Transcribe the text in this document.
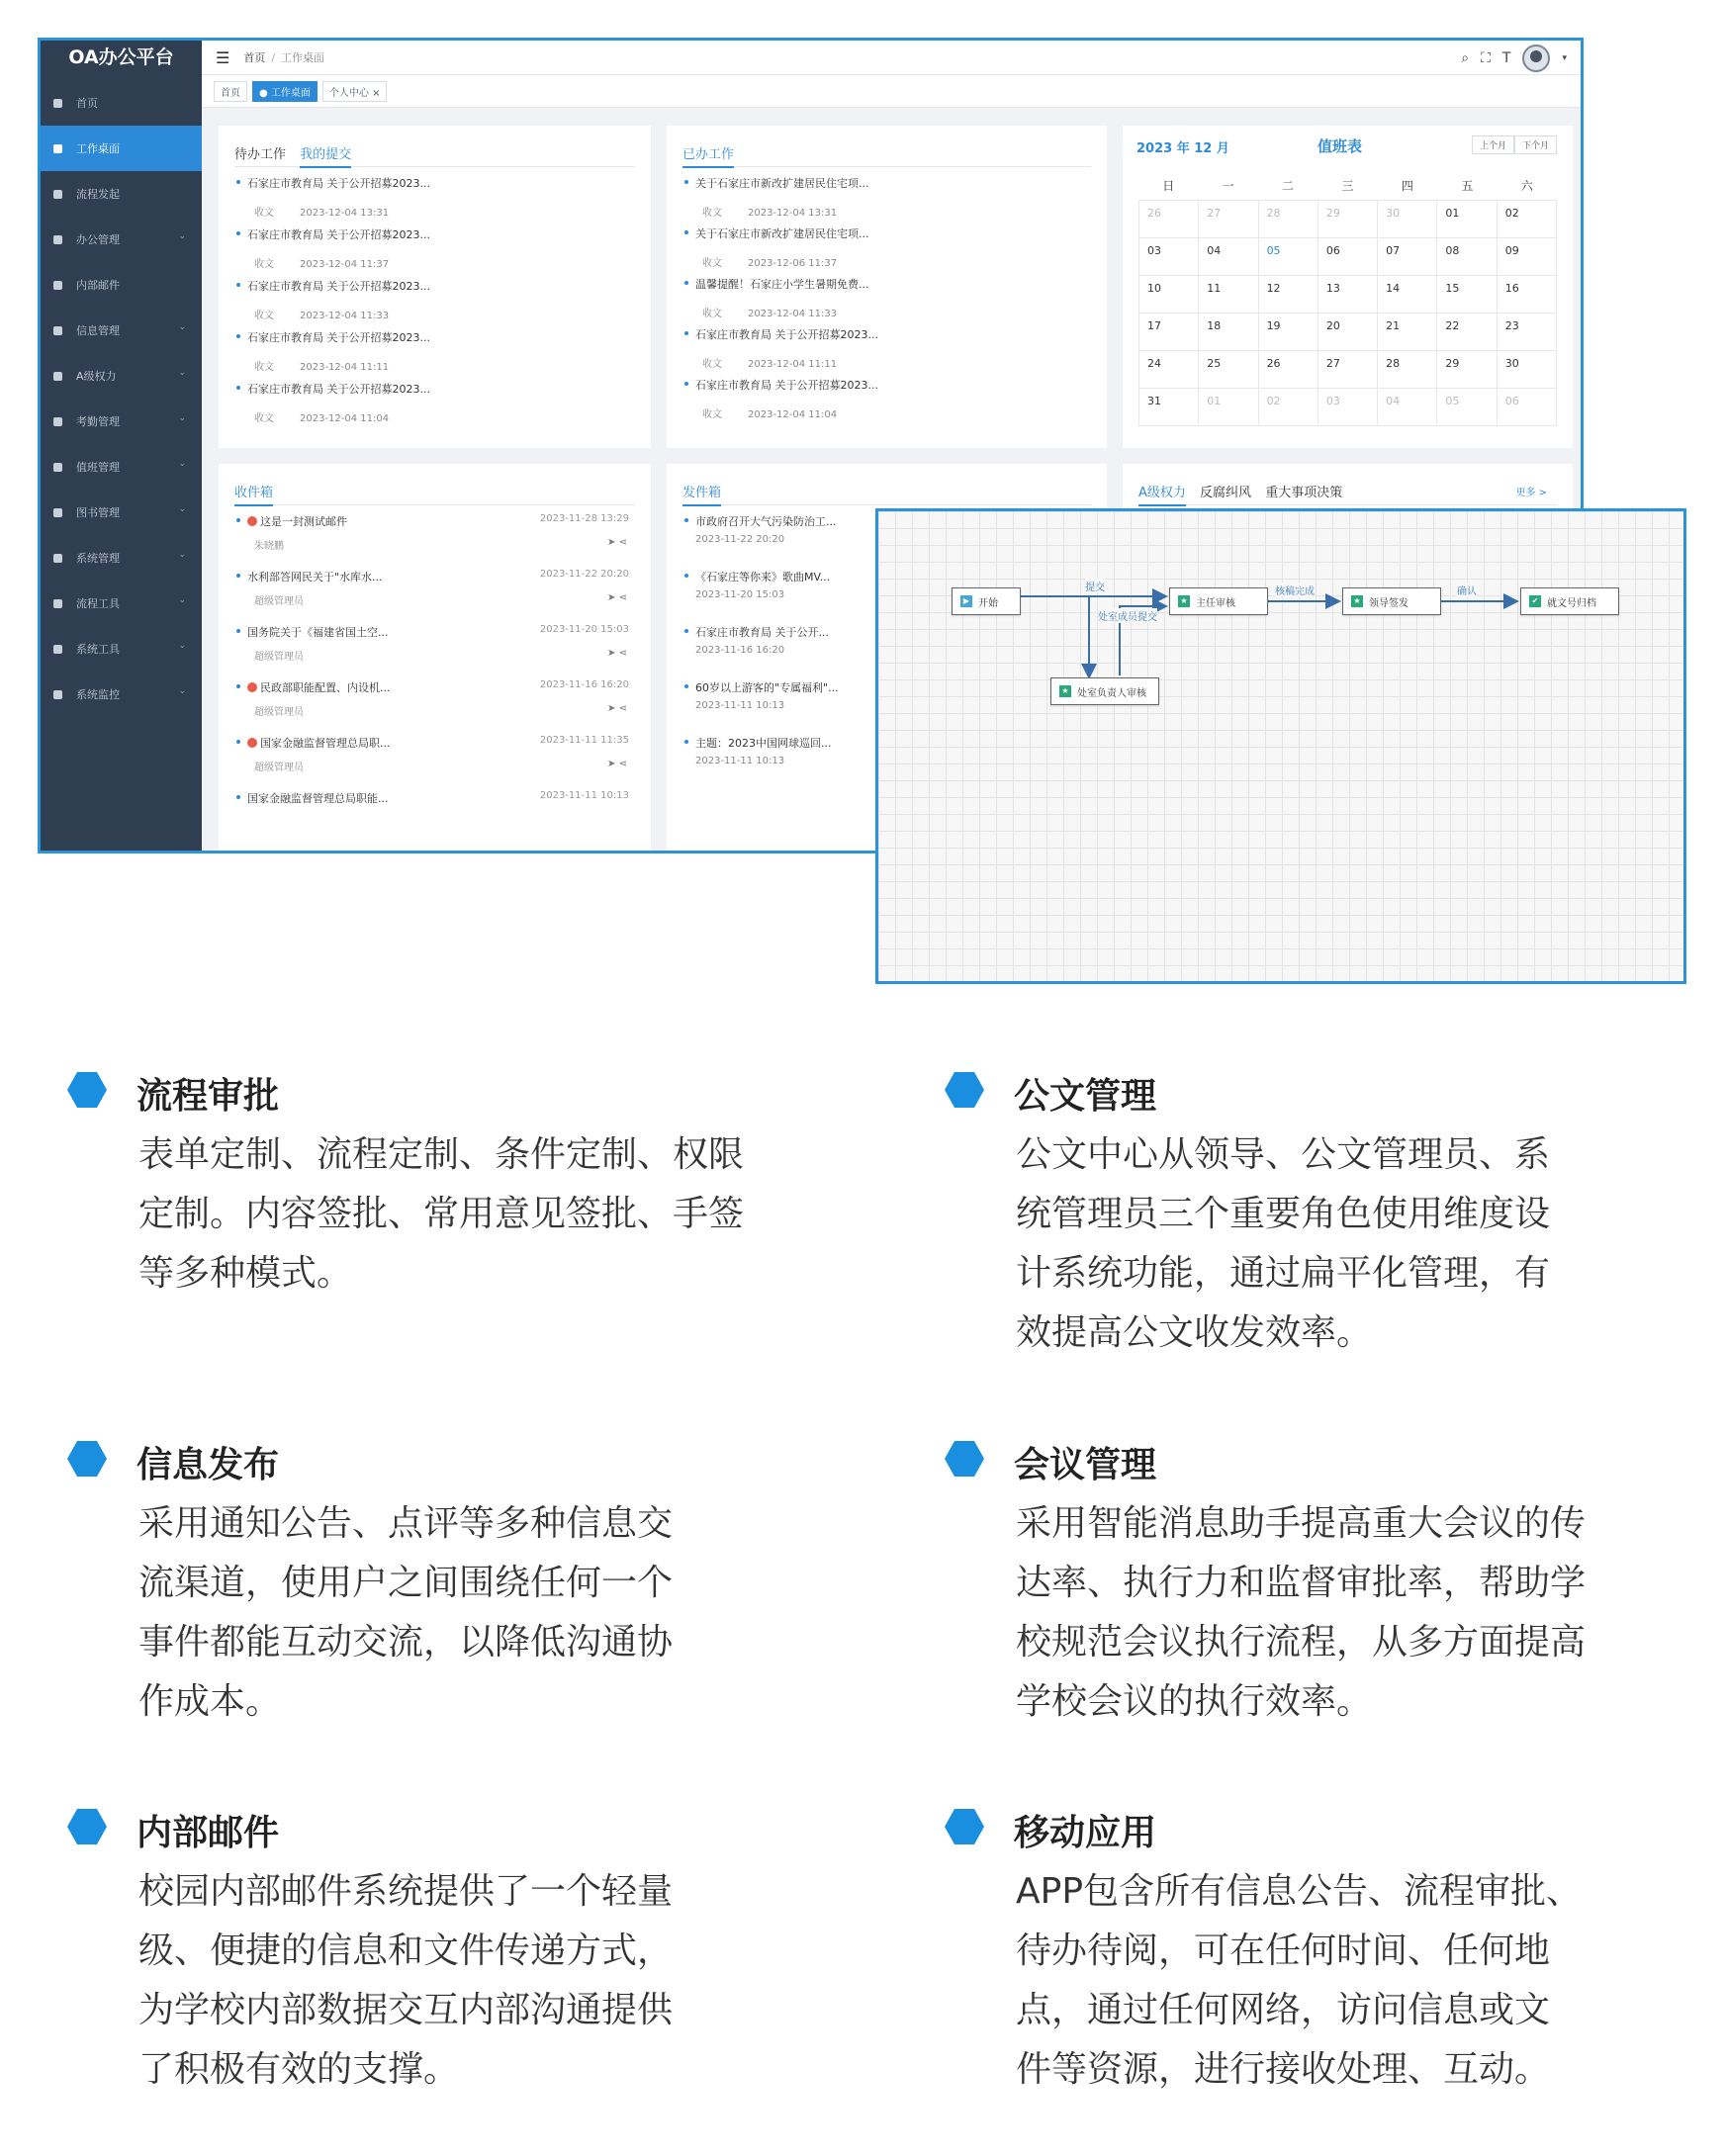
OA办公平台
首页
工作桌面
流程发起
办公管理	⌄
内部邮件
信息管理	⌄
A级权力	⌄
考勤管理	⌄
值班管理	⌄
图书管理	⌄
系统管理	⌄
流程工具	⌄
系统工具	⌄
系统监控	⌄
☰ 首页 / 工作桌面	⌕ ⛶ T	▾
首页	● 工作桌面	个人中心 ×
待办工作 我的提交
石家庄市教育局 关于公开招募2023...
收文	2023-12-04 13:31
石家庄市教育局 关于公开招募2023...
收文	2023-12-04 11:37
石家庄市教育局 关于公开招募2023...
收文	2023-12-04 11:33
石家庄市教育局 关于公开招募2023...
收文	2023-12-04 11:11
石家庄市教育局 关于公开招募2023...
收文	2023-12-04 11:04
已办工作
关于石家庄市新改扩建居民住宅项...
收文	2023-12-04 13:31
关于石家庄市新改扩建居民住宅项...
收文	2023-12-06 11:37
温馨提醒！石家庄小学生暑期免费...
收文	2023-12-04 11:33
石家庄市教育局 关于公开招募2023...
收文	2023-12-04 11:11
石家庄市教育局 关于公开招募2023...
收文	2023-12-04 11:04
2023 年 12 月	值班表	上个月	下个月
日	一	二	三	四	五	六
26	27	28	29	30	01	02
03	04	05	06	07	08	09
10	11	12	13	14	15	16
17	18	19	20	21	22	23
24	25	26	27	28	29	30
31	01	02	03	04	05	06
收件箱
这是一封测试邮件	2023-11-28 13:29
朱晓鹏	➤ ⋖
水利部答网民关于"水库水...	2023-11-22 20:20
超级管理员	➤ ⋖
国务院关于《福建省国土空...	2023-11-20 15:03
超级管理员	➤ ⋖
民政部职能配置、内设机...	2023-11-16 16:20
超级管理员	➤ ⋖
国家金融监督管理总局职...	2023-11-11 11:35
超级管理员	➤ ⋖
国家金融监督管理总局职能...	2023-11-11 10:13
发件箱
市政府召开大气污染防治工...
2023-11-22 20:20
《石家庄等你来》歌曲MV...
2023-11-20 15:03
石家庄市教育局 关于公开...
2023-11-16 16:20
60岁以上游客的"专属福利"...
2023-11-11 10:13
主题：2023中国网球巡回...
2023-11-11 10:13
A级权力 反腐纠风 重大事项决策	更多 >
提交
处室成员提交
核稿完成	确认
▶ 开始	★ 主任审核	★ 领导签发	✔ 就文号归档
★ 处室负责人审核
流程审批

表单定制、流程定制、条件定制、权限
定制。内容签批、常用意见签批、手签
等多种模式。

公文管理

公文中心从领导、公文管理员、系
统管理员三个重要角色使用维度设
计系统功能，通过扁平化管理，有
效提高公文收发效率。

信息发布

采用通知公告、点评等多种信息交
流渠道，使用户之间围绕任何一个
事件都能互动交流，以降低沟通协
作成本。

会议管理

采用智能消息助手提高重大会议的传
达率、执行力和监督审批率，帮助学
校规范会议执行流程，从多方面提高
学校会议的执行效率。

内部邮件

校园内部邮件系统提供了一个轻量
级、便捷的信息和文件传递方式，
为学校内部数据交互内部沟通提供
了积极有效的支撑。

移动应用

APP包含所有信息公告、流程审批、
待办待阅，可在任何时间、任何地
点，通过任何网络，访问信息或文
件等资源，进行接收处理、互动。
